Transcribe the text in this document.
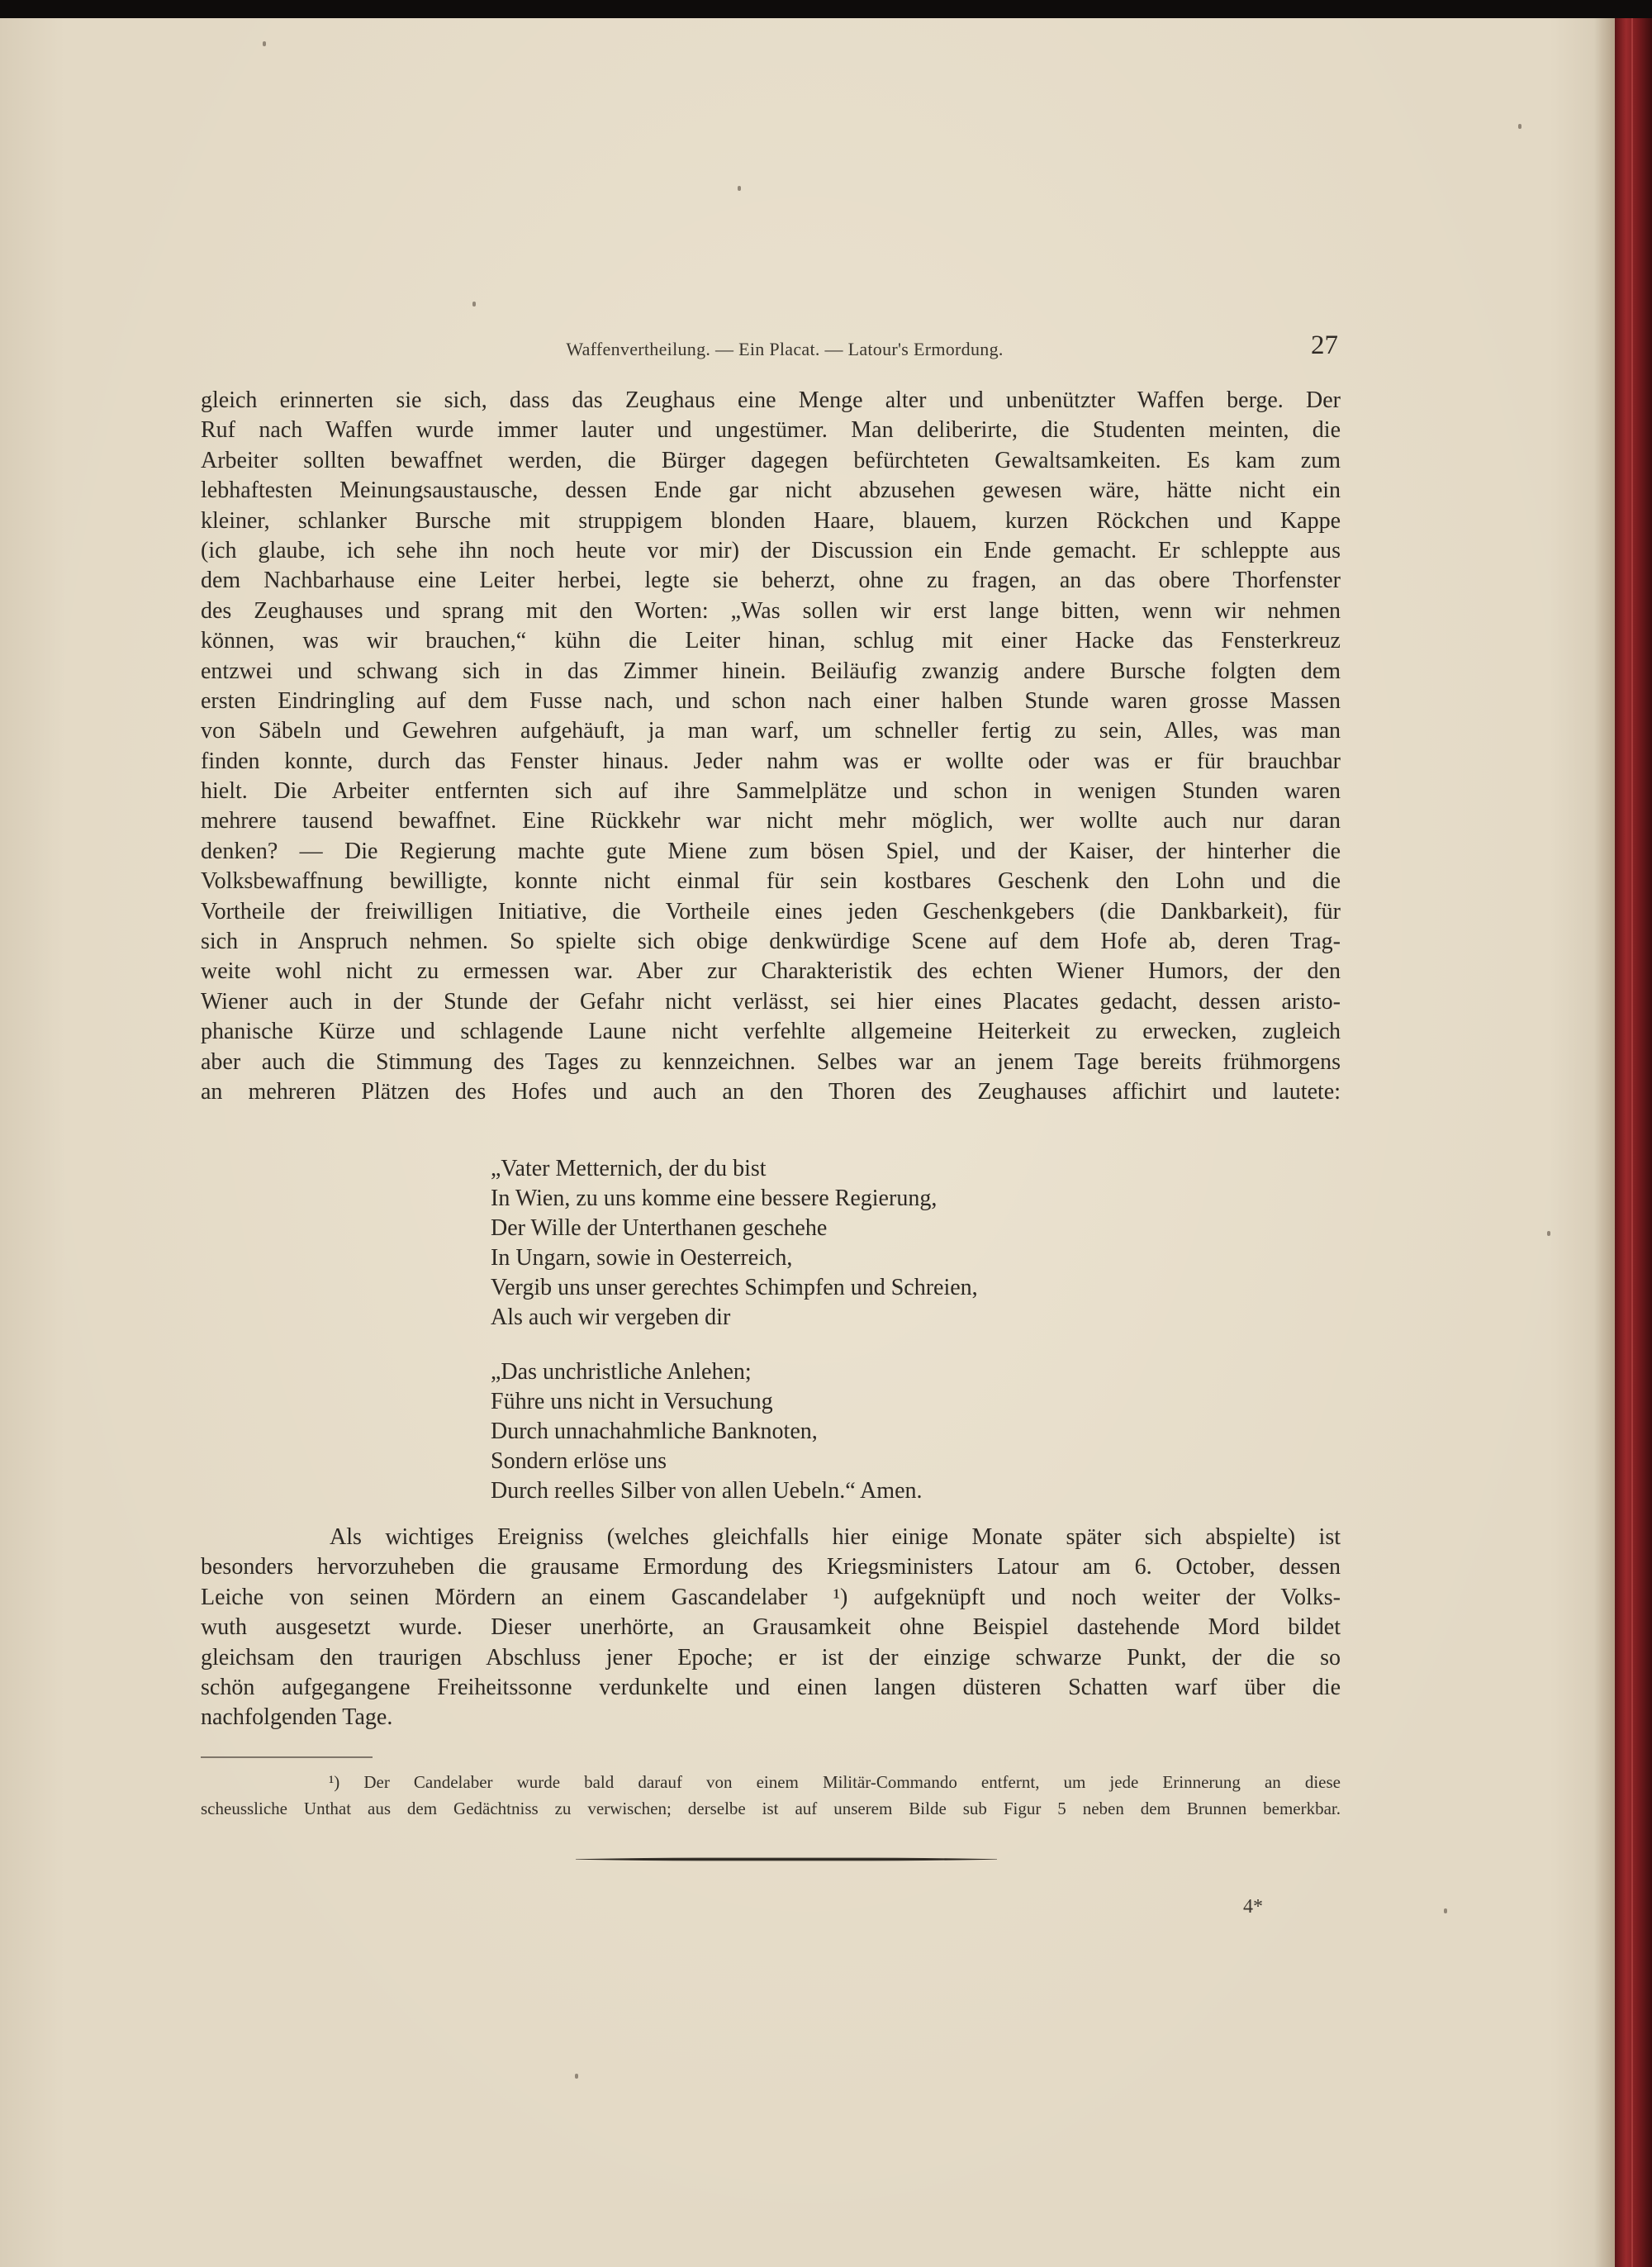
Waffenvertheilung. — Ein Placat. — Latour's Ermordung.	27
gleich erinnerten sie sich, dass das Zeughaus eine Menge alter und unbenützter Waffen berge. Der
Ruf nach Waffen wurde immer lauter und ungestümer. Man deliberirte, die Studenten meinten, die
Arbeiter sollten bewaffnet werden, die Bürger dagegen befürchteten Gewaltsamkeiten. Es kam zum
lebhaftesten Meinungsaustausche, dessen Ende gar nicht abzusehen gewesen wäre, hätte nicht ein
kleiner, schlanker Bursche mit struppigem blonden Haare, blauem, kurzen Röckchen und Kappe
(ich glaube, ich sehe ihn noch heute vor mir) der Discussion ein Ende gemacht. Er schleppte aus
dem Nachbarhause eine Leiter herbei, legte sie beherzt, ohne zu fragen, an das obere Thorfenster
des Zeughauses und sprang mit den Worten: „Was sollen wir erst lange bitten, wenn wir nehmen
können, was wir brauchen,“ kühn die Leiter hinan, schlug mit einer Hacke das Fensterkreuz
entzwei und schwang sich in das Zimmer hinein. Beiläufig zwanzig andere Bursche folgten dem
ersten Eindringling auf dem Fusse nach, und schon nach einer halben Stunde waren grosse Massen
von Säbeln und Gewehren aufgehäuft, ja man warf, um schneller fertig zu sein, Alles, was man
finden konnte, durch das Fenster hinaus. Jeder nahm was er wollte oder was er für brauchbar
hielt. Die Arbeiter entfernten sich auf ihre Sammelplätze und schon in wenigen Stunden waren
mehrere tausend bewaffnet. Eine Rückkehr war nicht mehr möglich, wer wollte auch nur daran
denken? — Die Regierung machte gute Miene zum bösen Spiel, und der Kaiser, der hinterher die
Volksbewaffnung bewilligte, konnte nicht einmal für sein kostbares Geschenk den Lohn und die
Vortheile der freiwilligen Initiative, die Vortheile eines jeden Geschenkgebers (die Dankbarkeit), für
sich in Anspruch nehmen. So spielte sich obige denkwürdige Scene auf dem Hofe ab, deren Trag-
weite wohl nicht zu ermessen war. Aber zur Charakteristik des echten Wiener Humors, der den
Wiener auch in der Stunde der Gefahr nicht verlässt, sei hier eines Placates gedacht, dessen aristo-
phanische Kürze und schlagende Laune nicht verfehlte allgemeine Heiterkeit zu erwecken, zugleich
aber auch die Stimmung des Tages zu kennzeichnen. Selbes war an jenem Tage bereits frühmorgens
an mehreren Plätzen des Hofes und auch an den Thoren des Zeughauses affichirt und lautete:
„Vater Metternich, der du bist
In Wien, zu uns komme eine bessere Regierung,
Der Wille der Unterthanen geschehe
In Ungarn, sowie in Oesterreich,
Vergib uns unser gerechtes Schimpfen und Schreien,
Als auch wir vergeben dir
„Das unchristliche Anlehen;
Führe uns nicht in Versuchung
Durch unnachahmliche Banknoten,
Sondern erlöse uns
Durch reelles Silber von allen Uebeln.“ Amen.
Als wichtiges Ereigniss (welches gleichfalls hier einige Monate später sich abspielte) ist
besonders hervorzuheben die grausame Ermordung des Kriegsministers Latour am 6. October, dessen
Leiche von seinen Mördern an einem Gascandelaber ¹) aufgeknüpft und noch weiter der Volks-
wuth ausgesetzt wurde. Dieser unerhörte, an Grausamkeit ohne Beispiel dastehende Mord bildet
gleichsam den traurigen Abschluss jener Epoche; er ist der einzige schwarze Punkt, der die so
schön aufgegangene Freiheitssonne verdunkelte und einen langen düsteren Schatten warf über die
nachfolgenden Tage.
¹) Der Candelaber wurde bald darauf von einem Militär-Commando entfernt, um jede Erinnerung an diese
scheussliche Unthat aus dem Gedächtniss zu verwischen; derselbe ist auf unserem Bilde sub Figur 5 neben dem Brunnen bemerkbar.
4*
